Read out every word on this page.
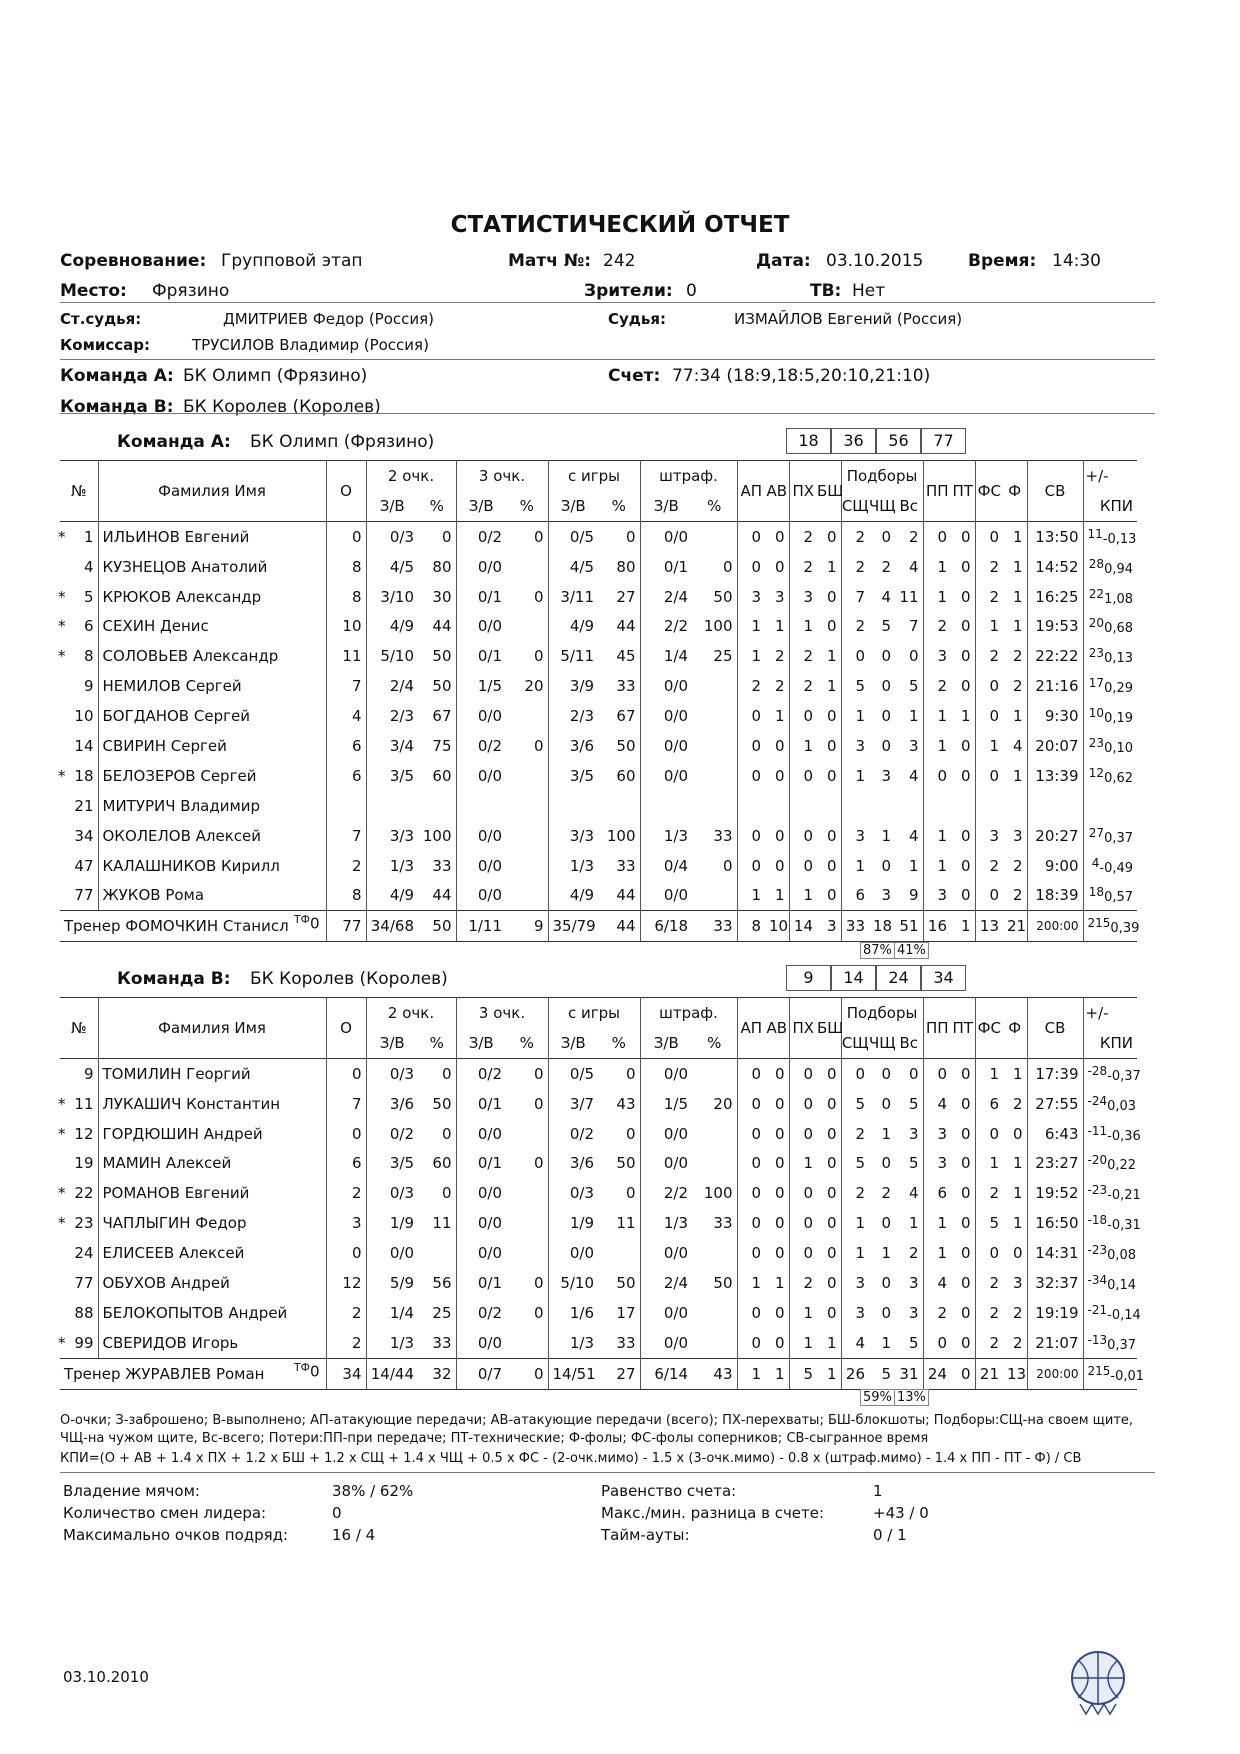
СТАТИСТИЧЕСКИЙ ОТЧЕТ
Соревнование: Групповой этап	Матч №: 242	Дата: 03.10.2015	Время: 14:30
Место: Фрязино	Зрители: 0	ТВ: Нет
Ст.судья:	ДМИТРИЕВ Федор (Россия)	Судья:	ИЗМАЙЛОВ Евгений (Россия)
Комиссар:	ТРУСИЛОВ Владимир (Россия)
Команда А: БК Олимп (Фрязино)	Счет: 77:34 (18:9,18:5,20:10,21:10)
Команда В: БК Королев (Королев)
Команда А: БК Олимп (Фрязино)	18	36	56	77
№	Фамилия Имя	О	2 очк.		3 очк.		с игры		штраф.		АП	АВ	ПХ	БШ	Подборы			ПП	ПТ	ФС	Ф	СВ	+/-
			З/В	%	З/В	%	З/В	%	З/В	%					СЩ	ЧЩ	Вс						КПИ

* 1	ИЛЬИНОВ Евгений	0	0/3	0	0/2	0	0/5	0	0/0		0	0	2	0	2	0	2	0	0	0	1	13:50	$^{11}$-0,13

4	КУЗНЕЦОВ Анатолий	8	4/5	80	0/0		4/5	80	0/1	0	0	0	2	1	2	2	4	1	0	2	1	14:52	$^{28}$0,94

* 5	КРЮКОВ Александр	8	3/10	30	0/1	0	3/11	27	2/4	50	3	3	3	0	7	4	11	1	0	2	1	16:25	$^{22}$1,08

* 6	СЕХИН Денис	10	4/9	44	0/0		4/9	44	2/2	100	1	1	1	0	2	5	7	2	0	1	1	19:53	$^{20}$0,68

* 8	СОЛОВЬЕВ Александр	11	5/10	50	0/1	0	5/11	45	1/4	25	1	2	2	1	0	0	0	3	0	2	2	22:22	$^{23}$0,13

9	НЕМИЛОВ Сергей	7	2/4	50	1/5	20	3/9	33	0/0		2	2	2	1	5	0	5	2	0	0	2	21:16	$^{17}$0,29

10	БОГДАНОВ Сергей	4	2/3	67	0/0		2/3	67	0/0		0	1	0	0	1	0	1	1	1	0	1	9:30	$^{10}$0,19

14	СВИРИН Сергей	6	3/4	75	0/2	0	3/6	50	0/0		0	0	1	0	3	0	3	1	0	1	4	20:07	$^{23}$0,10

* 18	БЕЛОЗЕРОВ Сергей	6	3/5	60	0/0		3/5	60	0/0		0	0	0	0	1	3	4	0	0	0	1	13:39	$^{12}$0,62

21	МИТУРИЧ Владимир																						

34	ОКОЛЕЛОВ Алексей	7	3/3	100	0/0		3/3	100	1/3	33	0	0	0	0	3	1	4	1	0	3	3	20:27	$^{27}$0,37

47	КАЛАШНИКОВ Кирилл	2	1/3	33	0/0		1/3	33	0/4	0	0	0	0	0	1	0	1	1	0	2	2	9:00	$^4$-0,49

77	ЖУКОВ Рома	8	4/9	44	0/0		4/9	44	0/0		1	1	1	0	6	3	9	3	0	0	2	18:39	$^{18}$0,57
Тренер ФОМОЧКИН Станисл $^{ТФ}$0		77	34/68	50	1/11	9	35/79	44	6/18	33	8	10	14	3	33	18	51	16	1	13	21	200:00	$^{215}$0,39
87% 41%
Команда В: БК Королев (Королев)	9	14	24	34
№	Фамилия Имя	О	2 очк.		3 очк.		с игры		штраф.		АП	АВ	ПХ	БШ	Подборы			ПП	ПТ	ФС	Ф	СВ	+/-
			З/В	%	З/В	%	З/В	%	З/В	%					СЩ	ЧЩ	Вс						КПИ

9	ТОМИЛИН Георгий	0	0/3	0	0/2	0	0/5	0	0/0		0	0	0	0	0	0	0	0	0	1	1	17:39	$^{-28}$-0,37

* 11	ЛУКАШИЧ Константин	7	3/6	50	0/1	0	3/7	43	1/5	20	0	0	0	0	5	0	5	4	0	6	2	27:55	$^{-24}$0,03

* 12	ГОРДЮШИН Андрей	0	0/2	0	0/0		0/2	0	0/0		0	0	0	0	2	1	3	3	0	0	0	6:43	$^{-11}$-0,36

19	МАМИН Алексей	6	3/5	60	0/1	0	3/6	50	0/0		0	0	1	0	5	0	5	3	0	1	1	23:27	$^{-20}$0,22

* 22	РОМАНОВ Евгений	2	0/3	0	0/0		0/3	0	2/2	100	0	0	0	0	2	2	4	6	0	2	1	19:52	$^{-23}$-0,21

* 23	ЧАПЛЫГИН Федор	3	1/9	11	0/0		1/9	11	1/3	33	0	0	0	0	1	0	1	1	0	5	1	16:50	$^{-18}$-0,31

24	ЕЛИСЕЕВ Алексей	0	0/0		0/0		0/0		0/0		0	0	0	0	1	1	2	1	0	0	0	14:31	$^{-23}$0,08

77	ОБУХОВ Андрей	12	5/9	56	0/1	0	5/10	50	2/4	50	1	1	2	0	3	0	3	4	0	2	3	32:37	$^{-34}$0,14

88	БЕЛОКОПЫТОВ Андрей	2	1/4	25	0/2	0	1/6	17	0/0		0	0	1	0	3	0	3	2	0	2	2	19:19	$^{-21}$-0,14

* 99	СВЕРИДОВ Игорь	2	1/3	33	0/0		1/3	33	0/0		0	0	1	1	4	1	5	0	0	2	2	21:07	$^{-13}$0,37
Тренер ЖУРАВЛЕВ Роман $^{ТФ}$0		34	14/44	32	0/7	0	14/51	27	6/14	43	1	1	5	1	26	5	31	24	0	21	13	200:00	$^{215}$-0,01
59% 13%
О-очки; З-заброшено; В-выполнено; АП-атакующие передачи; АВ-атакующие передачи (всего); ПХ-перехваты; БШ-блокшоты; Подборы:СЩ-на своем щите,
ЧЩ-на чужом щите, Вс-всего; Потери:ПП-при передаче; ПТ-технические; Ф-фолы; ФС-фолы соперников; СВ-сыгранное время
КПИ=(О + АВ + 1.4 х ПХ + 1.2 х БШ + 1.2 х СЩ + 1.4 х ЧЩ + 0.5 х ФС - (2-очк.мимо) - 1.5 х (3-очк.мимо) - 0.8 х (штраф.мимо) - 1.4 х ПП - ПТ - Ф) / СВ
Владение мячом:	38% / 62%
Количество смен лидера:	0
Максимально очков подряд:	16 / 4
Равенство счета:	1
Макс./мин. разница в счете:	+43 / 0
Тайм-ауты:	0 / 1
03.10.2010
